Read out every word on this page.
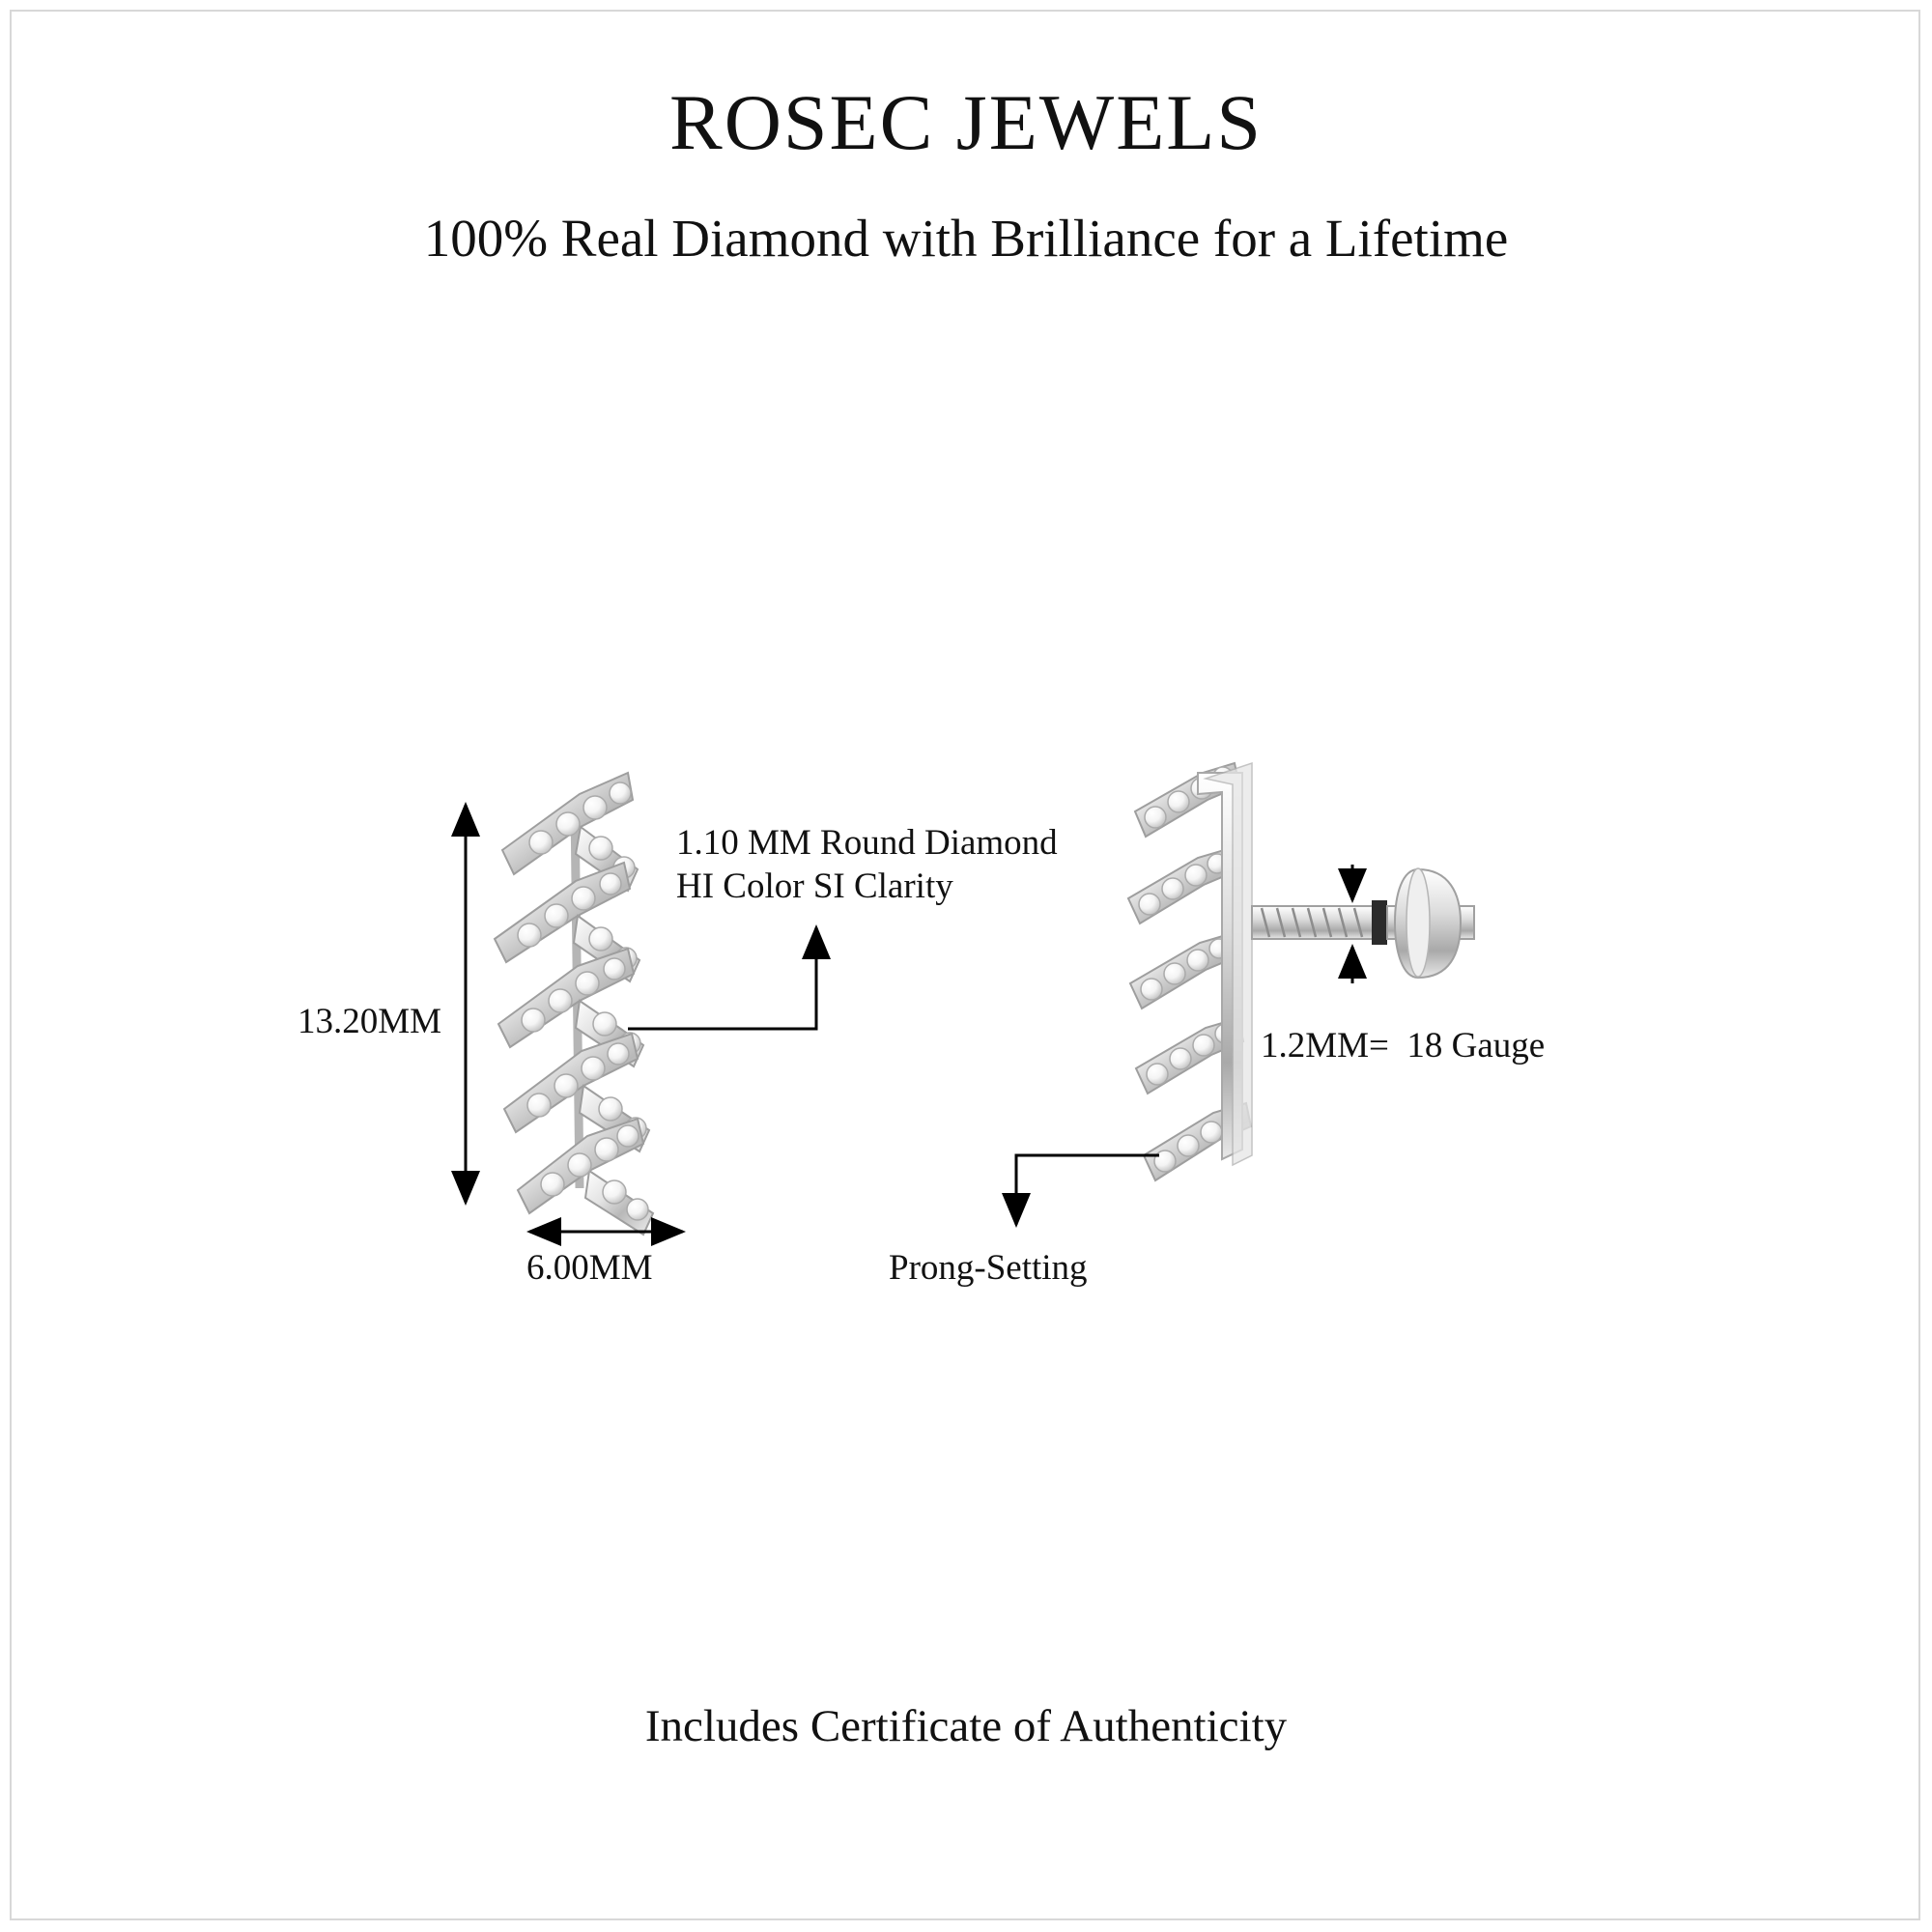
ROSEC JEWELS
100% Real Diamond with Brilliance for a Lifetime
1.10 MM Round Diamond
HI Color SI Clarity
13.20MM
6.00MM
1.2MM=  18 Gauge
Prong-Setting
Includes Certificate of Authenticity
